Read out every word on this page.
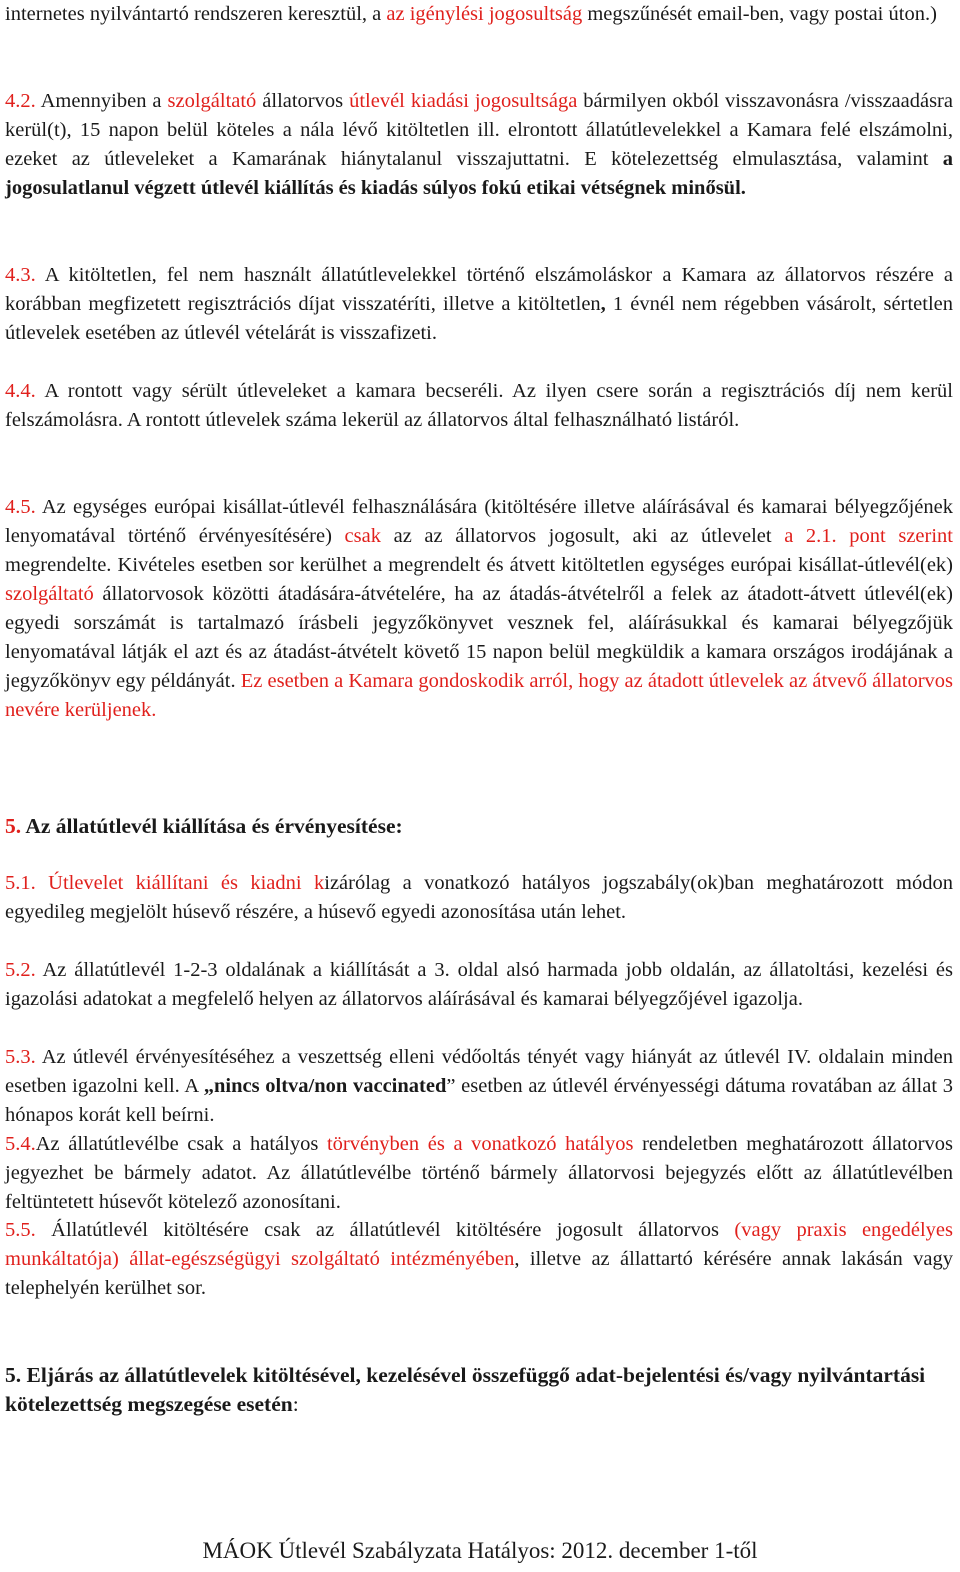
internetes nyilvántartó rendszeren keresztül, a az igénylési jogosultság megszűnését email-ben, vagy postai úton.)

4.2. Amennyiben a szolgáltató állatorvos útlevél kiadási jogosultsága bármilyen okból visszavonásra /visszaadásra kerül(t), 15 napon belül köteles a nála lévő kitöltetlen ill. elrontott állatútlevelekkel a Kamara felé elszámolni, ezeket az útleveleket a Kamarának hiánytalanul visszajuttatni. E kötelezettség elmulasztása, valamint a jogosulatlanul végzett útlevél kiállítás és kiadás súlyos fokú etikai vétségnek minősül.

4.3. A kitöltetlen, fel nem használt állatútlevelekkel történő elszámoláskor a Kamara az állatorvos részére a korábban megfizetett regisztrációs díjat visszatéríti, illetve a kitöltetlen, 1 évnél nem régebben vásárolt, sértetlen útlevelek esetében az útlevél vételárát is visszafizeti.

4.4. A rontott vagy sérült útleveleket a kamara becseréli. Az ilyen csere során a regisztrációs díj nem kerül felszámolásra. A rontott útlevelek száma lekerül az állatorvos által felhasználható listáról.

4.5. Az egységes európai kisállat-útlevél felhasználására (kitöltésére illetve aláírásával és kamarai bélyegzőjének lenyomatával történő érvényesítésére) csak az az állatorvos jogosult, aki az útlevelet a 2.1. pont szerint megrendelte. Kivételes esetben sor kerülhet a megrendelt és átvett kitöltetlen egységes európai kisállat-útlevél(ek) szolgáltató állatorvosok közötti átadására-átvételére, ha az átadás-átvételről a felek az átadott-átvett útlevél(ek) egyedi sorszámát is tartalmazó írásbeli jegyzőkönyvet vesznek fel, aláírásukkal és kamarai bélyegzőjük lenyomatával látják el azt és az átadást-átvételt követő 15 napon belül megküldik a kamara országos irodájának a jegyzőkönyv egy példányát. Ez esetben a Kamara gondoskodik arról, hogy az átadott útlevelek az átvevő állatorvos nevére kerüljenek.

5. Az állatútlevél kiállítása és érvényesítése:

5.1. Útlevelet kiállítani és kiadni kizárólag a vonatkozó hatályos jogszabály(ok)ban meghatározott módon egyedileg megjelölt húsevő részére, a húsevő egyedi azonosítása után lehet.

5.2. Az állatútlevél 1-2-3 oldalának a kiállítását a 3. oldal alsó harmada jobb oldalán, az állatoltási, kezelési és igazolási adatokat a megfelelő helyen az állatorvos aláírásával és kamarai bélyegzőjével igazolja.

5.3. Az útlevél érvényesítéséhez a veszettség elleni védőoltás tényét vagy hiányát az útlevél IV. oldalain minden esetben igazolni kell. A „nincs oltva/non vaccinated” esetben az útlevél érvényességi dátuma rovatában az állat 3 hónapos korát kell beírni.

5.4.Az állatútlevélbe csak a hatályos törvényben és a vonatkozó hatályos rendeletben meghatározott állatorvos jegyezhet be bármely adatot. Az állatútlevélbe történő bármely állatorvosi bejegyzés előtt az állatútlevélben feltüntetett húsevőt kötelező azonosítani.

5.5. Állatútlevél kitöltésére csak az állatútlevél kitöltésére jogosult állatorvos (vagy praxis engedélyes munkáltatója) állat-egészségügyi szolgáltató intézményében, illetve az állattartó kérésére annak lakásán vagy telephelyén kerülhet sor.

5. Eljárás az állatútlevelek kitöltésével, kezelésével összefüggő adat-bejelentési és/vagy nyilvántartási kötelezettség megszegése esetén:

MÁOK Útlevél Szabályzata Hatályos: 2012. december 1-től
